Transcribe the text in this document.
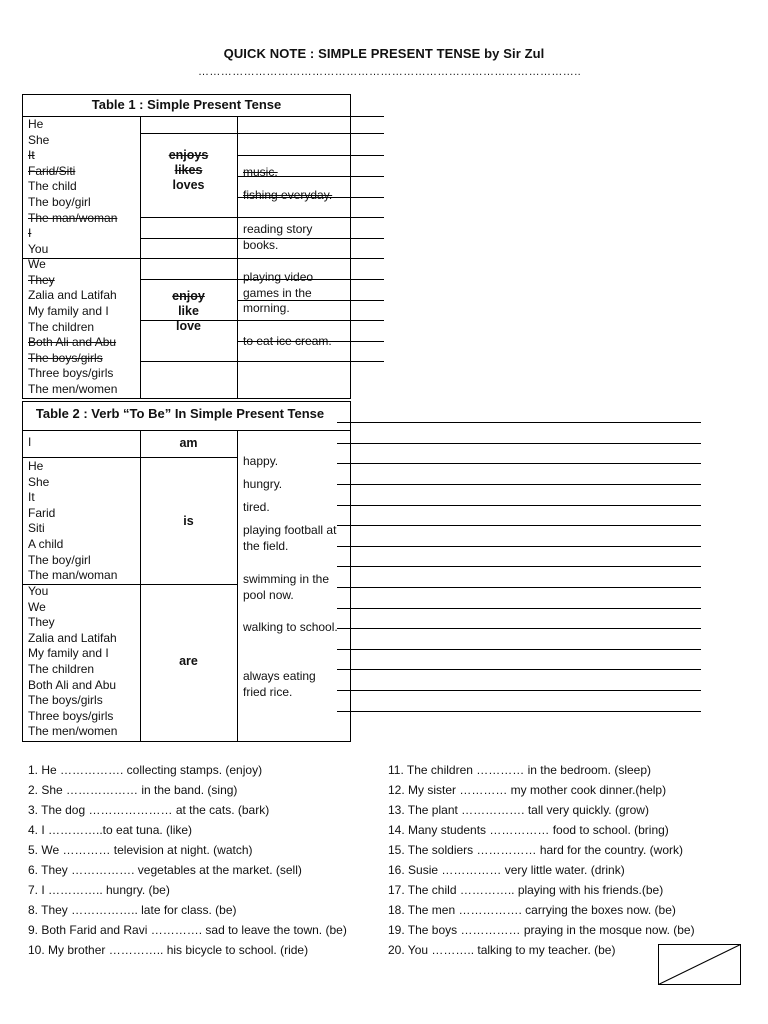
QUICK NOTE : SIMPLE PRESENT TENSE by Sir Zul
………………………………………………………………………………………..
Table 1 : Simple Present Tense
He
She
It
Farid/Siti
The child
The boy/girl
The man/woman
enjoys
likes
loves
I
You
We
They
Zalia and Latifah
My family and I
The children
Both Ali and Abu
The boys/girls
Three boys/girls
The men/women
enjoy
like
love
music.
fishing everyday.
reading story books.
playing video games in the morning.
to eat ice cream.
Table 2 : Verb “To Be” In Simple Present Tense
I	am
He
She
It
Farid
Siti
A child
The boy/girl
The man/woman
is
You
We
They
Zalia and Latifah
My family and I
The children
Both Ali and Abu
The boys/girls
Three boys/girls
The men/women
are
happy.
hungry.
tired.
playing football at the field.
swimming in the pool now.
walking to school.
always eating fried rice.
1. He ……………. collecting stamps. (enjoy)
2. She ……………… in the band. (sing)
3. The dog ………………… at the cats. (bark)
4. I …………..to eat tuna. (like)
5. We ………… television at night. (watch)
6. They ……………. vegetables at the market. (sell)
7. I ………….. hungry. (be)
8. They …………….. late for class. (be)
9. Both Farid and Ravi …………. sad to leave the town. (be)
10. My brother ………….. his bicycle to school. (ride)
11. The children ………… in the bedroom. (sleep)
12. My sister ………… my mother cook dinner.(help)
13. The plant ……………. tall very quickly. (grow)
14. Many students …………… food to school. (bring)
15. The soldiers …………… hard for the country. (work)
16. Susie …………… very little water. (drink)
17. The child ………….. playing with his friends.(be)
18. The men ……………. carrying the boxes now. (be)
19. The boys …………… praying in the mosque now. (be)
20. You ……….. talking to my teacher. (be)
